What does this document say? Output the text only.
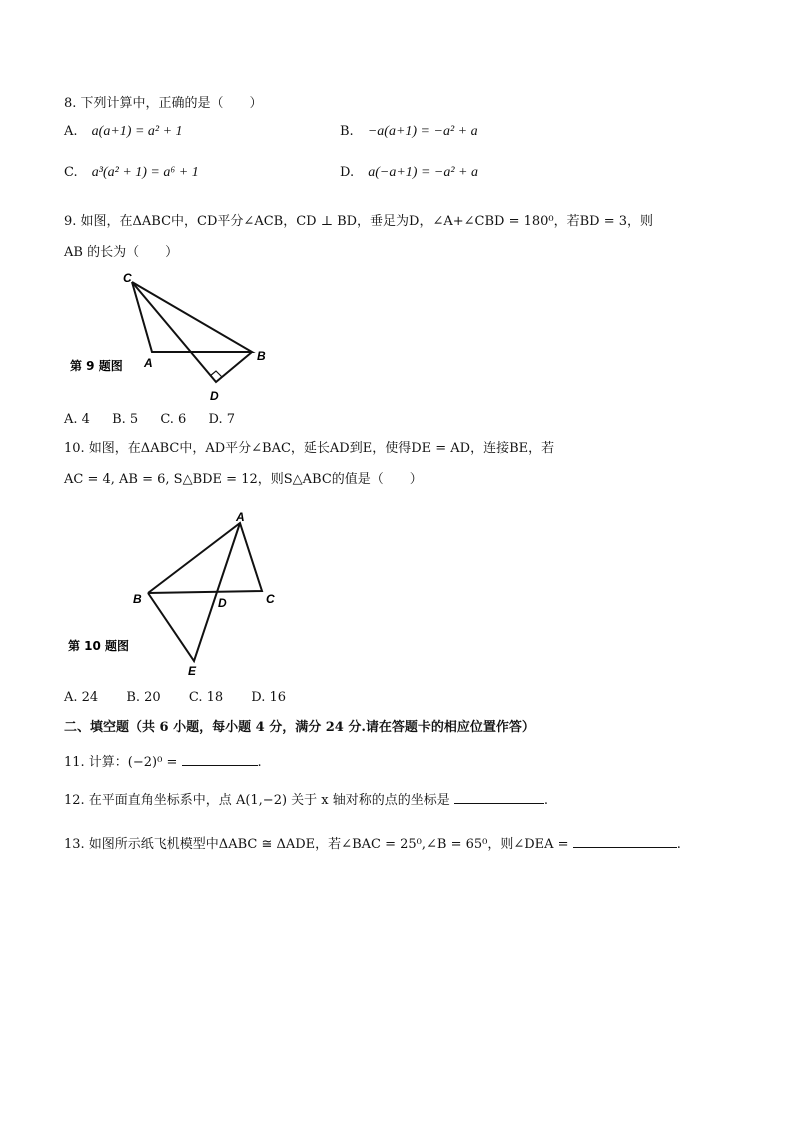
8. 下列计算中，正确的是（　　）
A. a(a+1) = a² + 1	B. −a(a+1) = −a² + a
C. a³(a² + 1) = a⁶ + 1	D. a(−a+1) = −a² + a
9. 如图，在ΔABC中，CD平分∠ACB，CD ⊥ BD，垂足为D，∠A+∠CBD = 180⁰，若BD = 3，则
AB 的长为（　　）
C
A	B
D
第 9 题图
A. 4 B. 5 C. 6 D. 7
10. 如图，在ΔABC中，AD平分∠BAC，延长AD到E，使得DE = AD，连接BE，若
AC = 4, AB = 6, S△BDE = 12，则S△ABC的值是（　　）
A
B	C
D
E
第 10 题图
A. 24 B. 20 C. 18 D. 16
二、填空题（共 6 小题，每小题 4 分，满分 24 分.请在答题卡的相应位置作答）
11. 计算：(−2)⁰ =	.
12. 在平面直角坐标系中，点 A(1,−2) 关于 x 轴对称的点的坐标是	.
13. 如图所示纸飞机模型中ΔABC ≅ ΔADE，若∠BAC = 25⁰,∠B = 65⁰，则∠DEA =	.
